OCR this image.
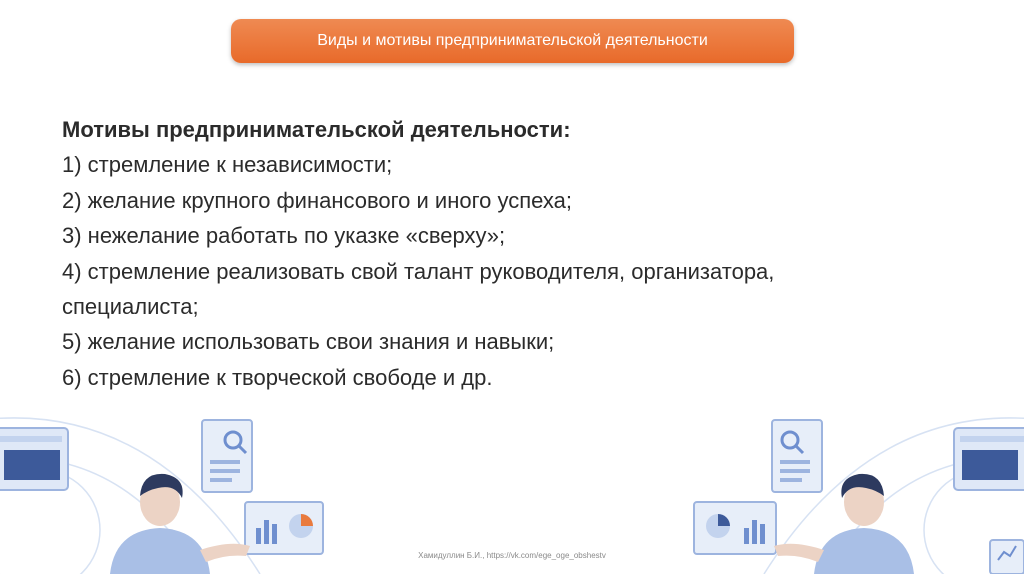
Виды и мотивы предпринимательской деятельности
Мотивы предпринимательской деятельности:
1) стремление к независимости;
2) желание крупного финансового и иного успеха;
3) нежелание работать по указке «сверху»;
4) стремление реализовать свой талант руководителя, организатора,
специалиста;
5) желание использовать свои знания и навыки;
6) стремление к творческой свободе и др.
Хамидуллин Б.И., https://vk.com/ege_oge_obshestv
